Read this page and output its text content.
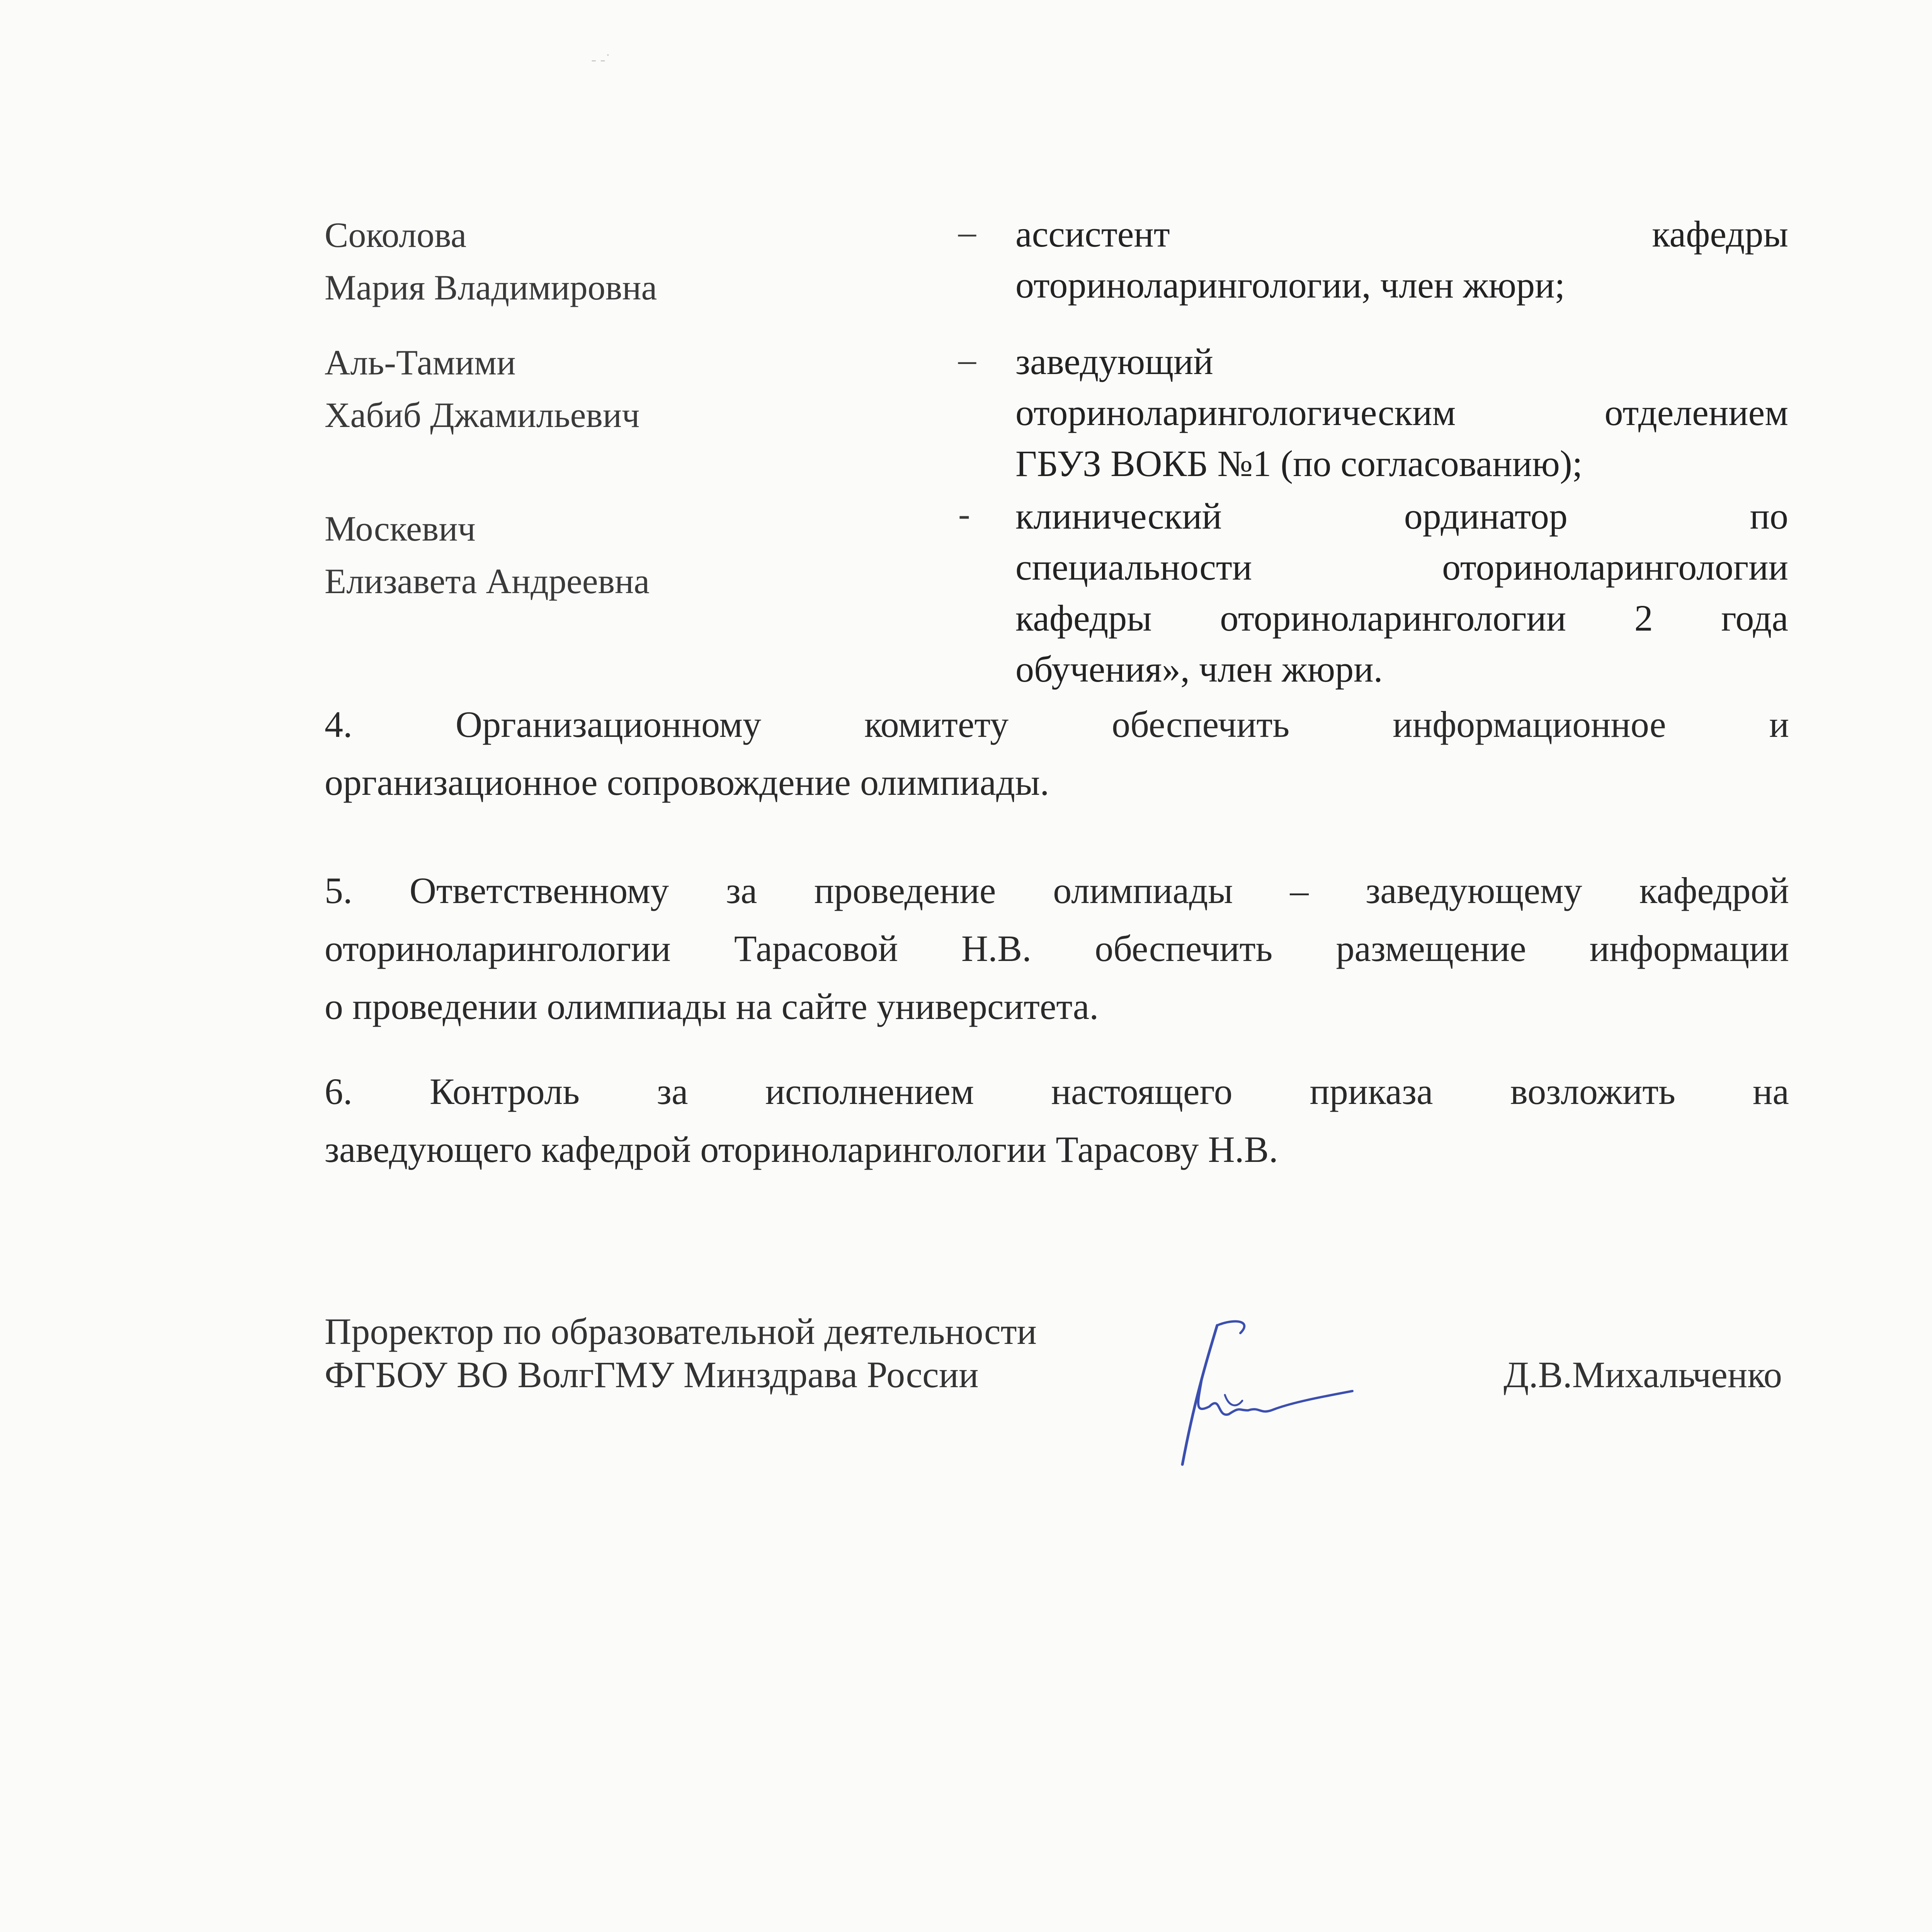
- -˙
Соколова
Мария Владимировна
– ассистент кафедры
оториноларингологии, член жюри;
Аль-Тамими
Хабиб Джамильевич
– заведующий
оториноларингологическим отделением
ГБУЗ ВОКБ №1 (по согласованию);
Москевич
Елизавета Андреевна
-	клинический ординатор по
специальности оториноларингологии
кафедры оториноларингологии 2 года
обучения», член жюри.
4. Организационному комитету обеспечить информационное и
организационное сопровождение олимпиады.
5. Ответственному за проведение олимпиады – заведующему кафедрой
оториноларингологии Тарасовой Н.В. обеспечить размещение информации
о проведении олимпиады на сайте университета.
6. Контроль за исполнением настоящего приказа возложить на
заведующего кафедрой оториноларингологии Тарасову Н.В.
Проректор по образовательной деятельности
ФГБОУ ВО ВолгГМУ Минздрава России	Д.В.Михальченко
